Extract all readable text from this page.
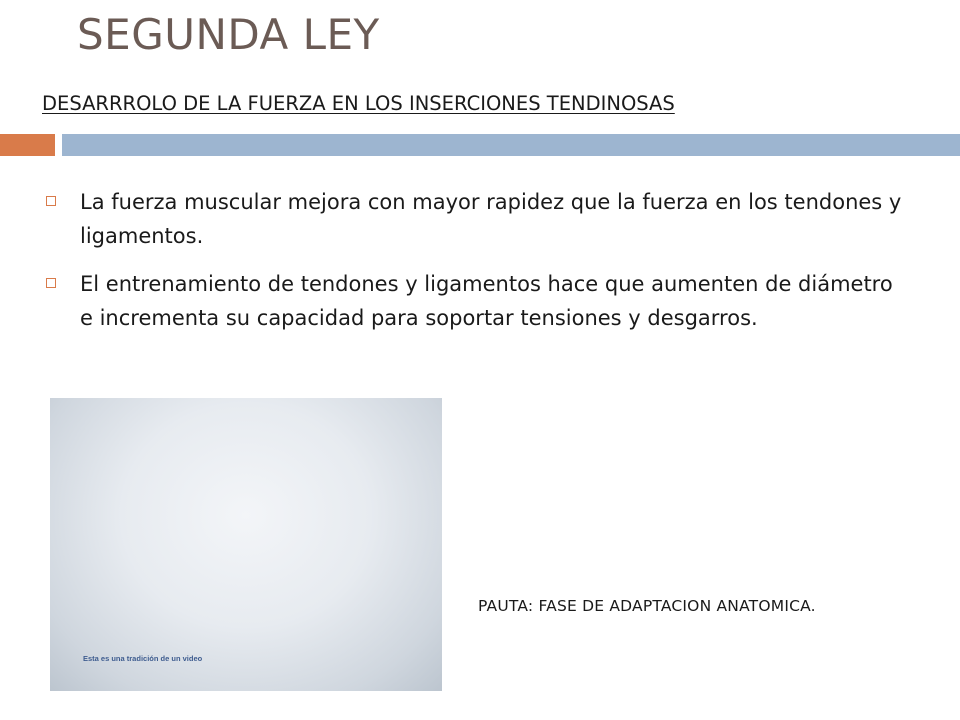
SEGUNDA LEY

DESARRROLO DE LA FUERZA EN LOS INSERCIONES TENDINOSAS

La fuerza muscular mejora con mayor rapidez que la fuerza en los tendones y ligamentos.
El entrenamiento de tendones y ligamentos hace que aumenten de diámetro e incrementa su capacidad para soportar tensiones y desgarros.
Esta es una tradición de un video

PAUTA: FASE DE ADAPTACION ANATOMICA.
